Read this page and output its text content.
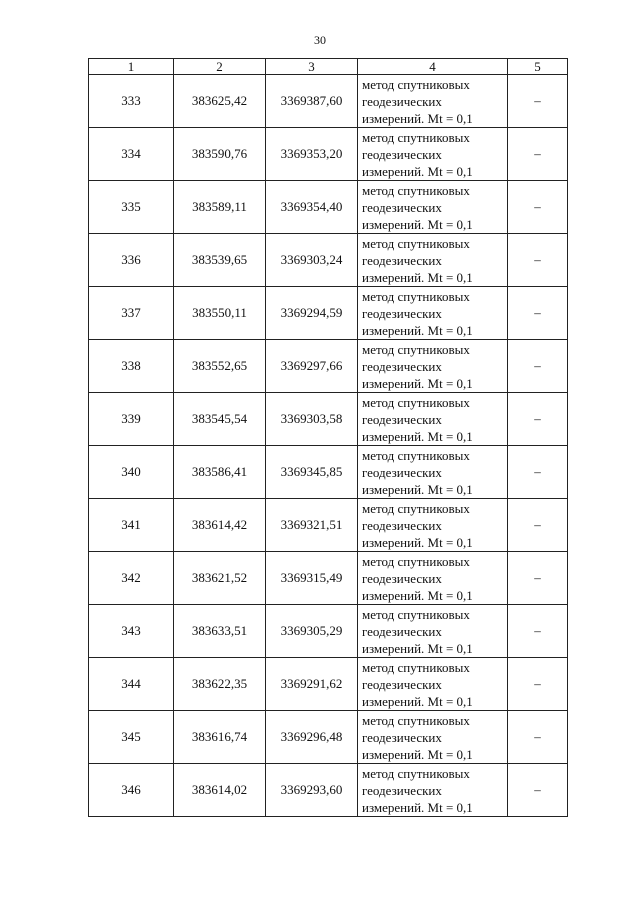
30
1	2	3	4	5
333	383625,42	3369387,60	метод спутниковых геодезических измерений. Mt = 0,1	–
334	383590,76	3369353,20	метод спутниковых геодезических измерений. Mt = 0,1	–
335	383589,11	3369354,40	метод спутниковых геодезических измерений. Mt = 0,1	–
336	383539,65	3369303,24	метод спутниковых геодезических измерений. Mt = 0,1	–
337	383550,11	3369294,59	метод спутниковых геодезических измерений. Mt = 0,1	–
338	383552,65	3369297,66	метод спутниковых геодезических измерений. Mt = 0,1	–
339	383545,54	3369303,58	метод спутниковых геодезических измерений. Mt = 0,1	–
340	383586,41	3369345,85	метод спутниковых геодезических измерений. Mt = 0,1	–
341	383614,42	3369321,51	метод спутниковых геодезических измерений. Mt = 0,1	–
342	383621,52	3369315,49	метод спутниковых геодезических измерений. Mt = 0,1	–
343	383633,51	3369305,29	метод спутниковых геодезических измерений. Mt = 0,1	–
344	383622,35	3369291,62	метод спутниковых геодезических измерений. Mt = 0,1	–
345	383616,74	3369296,48	метод спутниковых геодезических измерений. Mt = 0,1	–
346	383614,02	3369293,60	метод спутниковых геодезических измерений. Mt = 0,1	–
